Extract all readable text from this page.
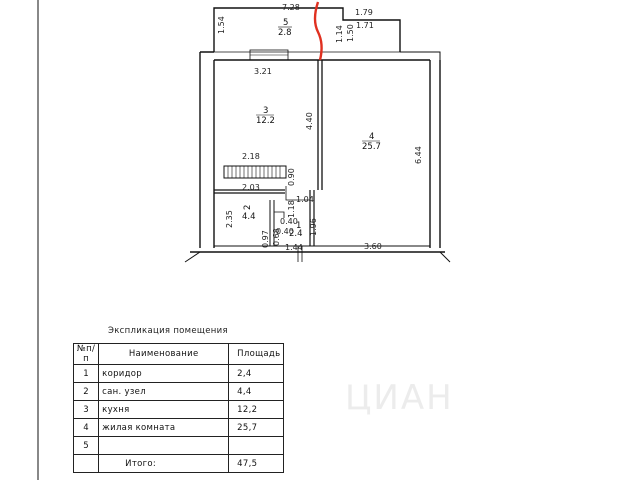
7.28
1.79
1.71
1.54
1.14 1.50
3.21
4.40
6.44
2.18
2.03
0.90
1.04
2.35
1.18
1.96
0.40
0.40
0.97 0.68
1.44	3.60
5
2.8
3
12.2
4
25.7
2
4.4
1
2.4
ЦИАН
Экспликация помещения
№п/п	Наименование	Площадь
1	коридор	2,4
2	сан. узел	4,4
3	кухня	12,2
4	жилая комната	25,7
5		
	Итого:	47,5
